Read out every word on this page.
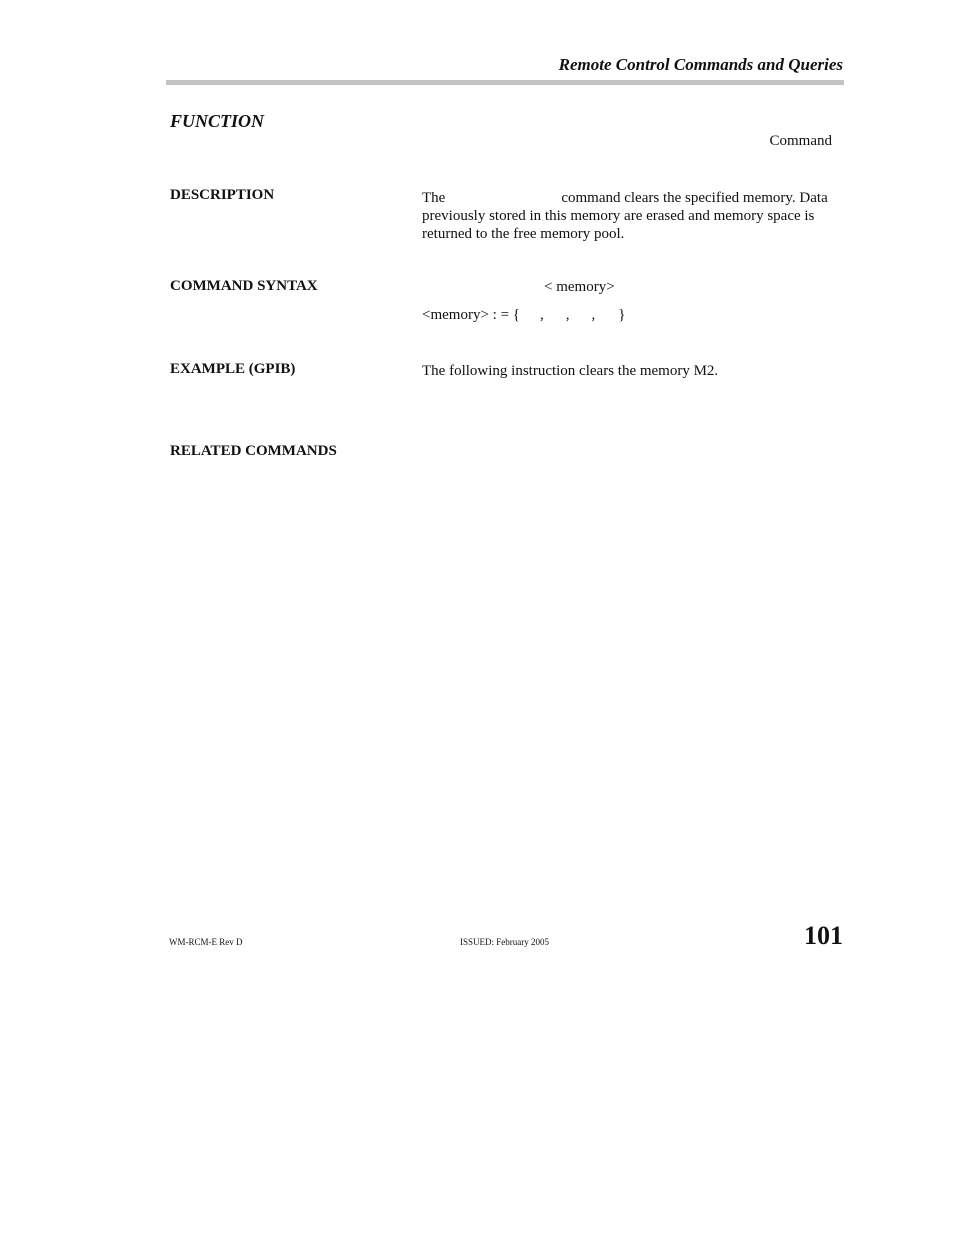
Remote Control Commands and Queries
FUNCTION
Command
DESCRIPTION	The	command clears the specified memory. Data
previously stored in this memory are erased and memory space is
returned to the free memory pool.
COMMAND SYNTAX	< memory>
<memory> : = { , , , }
EXAMPLE (GPIB)	The following instruction clears the memory M2.
RELATED COMMANDS
WM-RCM-E Rev D	ISSUED: February 2005	101
